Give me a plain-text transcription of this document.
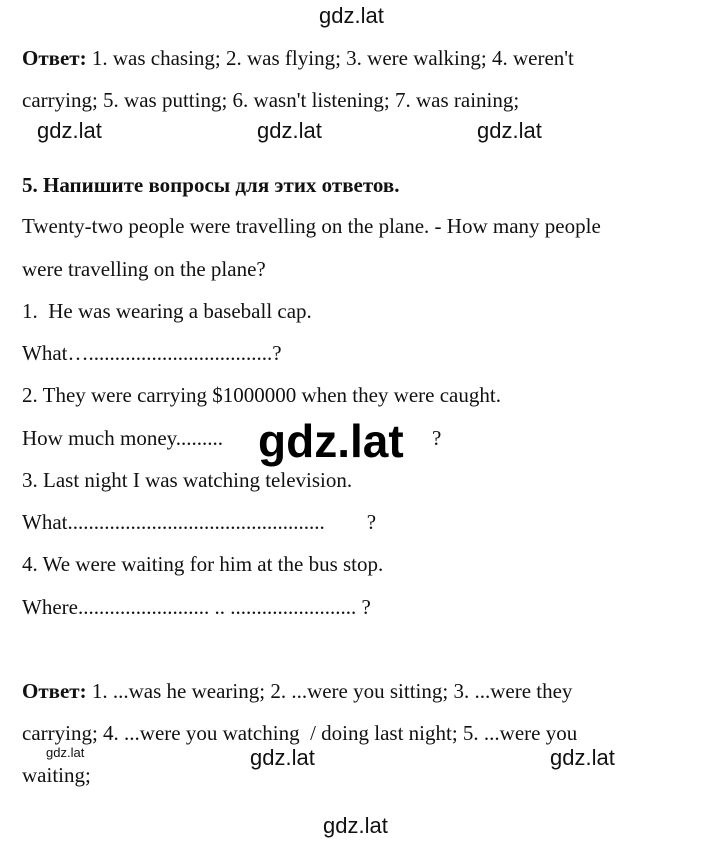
gdz.lat
Ответ: 1. was chasing; 2. was flying; 3. were walking; 4. weren't
carrying; 5. was putting; 6. wasn't listening; 7. was raining;
gdz.lat	gdz.lat	gdz.lat
5. Напишите вопросы для этих ответов.
Twenty-two people were travelling on the plane. - How many people
were travelling on the plane?
1.  He was wearing a baseball cap.
What…...................................?
2. They were carrying $1000000 when they were caught.
How much money.........	?
gdz.lat
3. Last night I was watching television.
What.................................................        ?
4. We were waiting for him at the bus stop.
Where......................... .. ........................ ?
Ответ: 1. ...was he wearing; 2. ...were you sitting; 3. ...were they
carrying; 4. ...were you watching  / doing last night; 5. ...were you
gdz.lat
waiting;
gdz.lat	gdz.lat
gdz.lat
